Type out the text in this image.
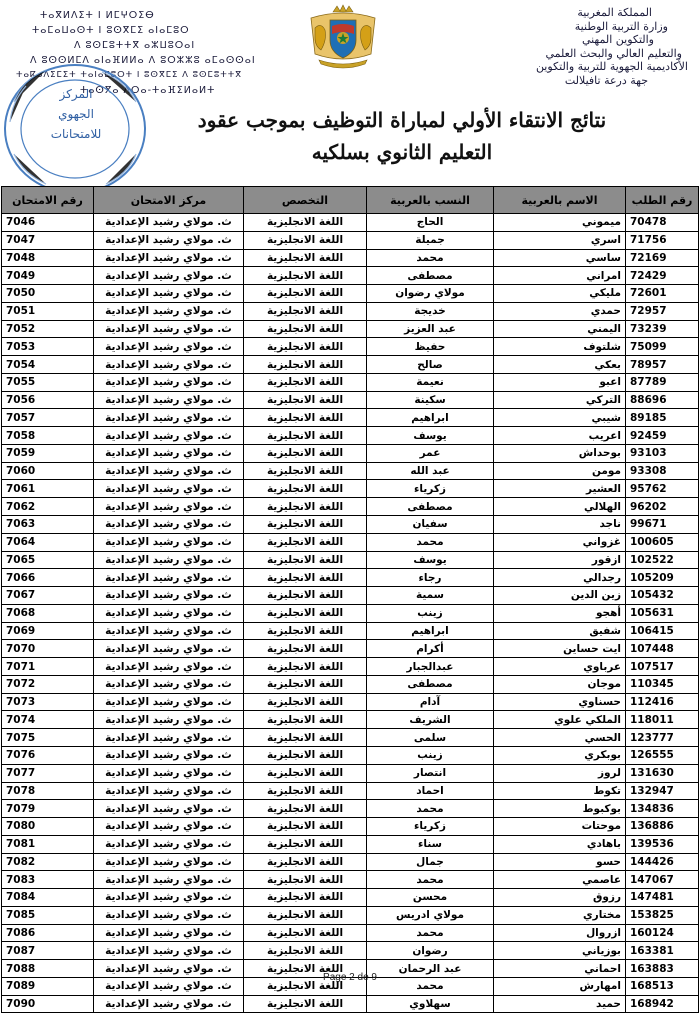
ⵜⴰⴳⵍⴷⵉⵜ ⵏ ⵍⵎⵖⵔⵉⴱ
ⵜⴰⵎⴰⵡⴰⵙⵜ ⵏ ⵓⵙⴳⵎⵉ ⴰⵏⴰⵎⵓⵔ
ⴷ ⵓⵙⵎⵓⵜⵜⴳ ⴰⵣⵡⵓⵔⴰⵏ
ⴷ ⵓⵙⵙⵍⵎⴷ ⴰⵏⴰⴼⵍⵍⴰ ⴷ ⵓⵔⵣⵣⵓ ⴰⵎⴰⵙⵙⴰⵏ
ⵜⴰⴽⴰⴷⵉⵎⵉⵜ ⵜⴰⵏⴰⵎⵓⵔⵜ ⵏ ⵓⵙⴳⵎⵉ ⴷ ⵓⵙⵎⵓⵜⵜⴳ
ⵜⴰⵙⴳⴰ ⴷⵔⴰ-ⵜⴰⴼⵉⵍⴰⵍⵜ
المملكة المغربية
وزارة التربية الوطنية
والتكوين المهني
والتعليم العالي والبحث العلمي
الأكاديمية الجهوية للتربية والتكوين
جهة درعة تافيلالت
المركز
الجهوي
للامتحانات
نتائج الانتقاء الأولي لمباراة التوظيف بموجب عقود
التعليم الثانوي بسلكيه
رقم الطلب	الاسم بالعربية	النسب بالعربية	التخصص	مركز الامتحان	رقم الامتحان
70478	ميموني	الحاج	اللغة الانجليزية	ث. مولاي رشيد الإعدادية	7046
71756	اسري	جميلة	اللغة الانجليزية	ث. مولاي رشيد الإعدادية	7047
72169	ساسي	محمد	اللغة الانجليزية	ث. مولاي رشيد الإعدادية	7048
72429	امراني	مصطفى	اللغة الانجليزية	ث. مولاي رشيد الإعدادية	7049
72601	مليكي	مولاي رضوان	اللغة الانجليزية	ث. مولاي رشيد الإعدادية	7050
72957	حمدي	خديجة	اللغة الانجليزية	ث. مولاي رشيد الإعدادية	7051
73239	اليمني	عبد العزيز	اللغة الانجليزية	ث. مولاي رشيد الإعدادية	7052
75099	شلتوف	حفيظ	اللغة الانجليزية	ث. مولاي رشيد الإعدادية	7053
78957	بعكي	صالح	اللغة الانجليزية	ث. مولاي رشيد الإعدادية	7054
87789	اعبو	نعيمة	اللغة الانجليزية	ث. مولاي رشيد الإعدادية	7055
88696	التركي	سكينة	اللغة الانجليزية	ث. مولاي رشيد الإعدادية	7056
89185	شيبي	ابراهيم	اللغة الانجليزية	ث. مولاي رشيد الإعدادية	7057
92459	اعريب	يوسف	اللغة الانجليزية	ث. مولاي رشيد الإعدادية	7058
93103	بوحداش	عمر	اللغة الانجليزية	ث. مولاي رشيد الإعدادية	7059
93308	مومن	عبد الله	اللغة الانجليزية	ث. مولاي رشيد الإعدادية	7060
95762	العشير	زكرياء	اللغة الانجليزية	ث. مولاي رشيد الإعدادية	7061
96202	الهلالي	مصطفى	اللغة الانجليزية	ث. مولاي رشيد الإعدادية	7062
99671	ناجد	سفيان	اللغة الانجليزية	ث. مولاي رشيد الإعدادية	7063
100605	غزواني	محمد	اللغة الانجليزية	ث. مولاي رشيد الإعدادية	7064
102522	ازقور	يوسف	اللغة الانجليزية	ث. مولاي رشيد الإعدادية	7065
105209	رجدالي	رجاء	اللغة الانجليزية	ث. مولاي رشيد الإعدادية	7066
105432	زين الدين	سمية	اللغة الانجليزية	ث. مولاي رشيد الإعدادية	7067
105631	أهجو	زينب	اللغة الانجليزية	ث. مولاي رشيد الإعدادية	7068
106415	شفيق	ابراهيم	اللغة الانجليزية	ث. مولاي رشيد الإعدادية	7069
107448	ايت حساين	أكرام	اللغة الانجليزية	ث. مولاي رشيد الإعدادية	7070
107517	عرباوي	عبدالجبار	اللغة الانجليزية	ث. مولاي رشيد الإعدادية	7071
110345	موجان	مصطفى	اللغة الانجليزية	ث. مولاي رشيد الإعدادية	7072
112416	حسناوي	آدام	اللغة الانجليزية	ث. مولاي رشيد الإعدادية	7073
118011	الملكي علوي	الشريف	اللغة الانجليزية	ث. مولاي رشيد الإعدادية	7074
123777	الحسي	سلمى	اللغة الانجليزية	ث. مولاي رشيد الإعدادية	7075
126555	بوبكري	زينب	اللغة الانجليزية	ث. مولاي رشيد الإعدادية	7076
131630	لروز	انتصار	اللغة الانجليزية	ث. مولاي رشيد الإعدادية	7077
132947	تكوط	احماد	اللغة الانجليزية	ث. مولاي رشيد الإعدادية	7078
134836	بوكبوط	محمد	اللغة الانجليزية	ث. مولاي رشيد الإعدادية	7079
136886	موحتات	زكرياء	اللغة الانجليزية	ث. مولاي رشيد الإعدادية	7080
139536	باهادي	سناء	اللغة الانجليزية	ث. مولاي رشيد الإعدادية	7081
144426	حسو	جمال	اللغة الانجليزية	ث. مولاي رشيد الإعدادية	7082
147067	عاصمي	محمد	اللغة الانجليزية	ث. مولاي رشيد الإعدادية	7083
147481	رزوق	محسن	اللغة الانجليزية	ث. مولاي رشيد الإعدادية	7084
153825	مختاري	مولاي ادريس	اللغة الانجليزية	ث. مولاي رشيد الإعدادية	7085
160124	ازروال	محمد	اللغة الانجليزية	ث. مولاي رشيد الإعدادية	7086
163381	بوزياني	رضوان	اللغة الانجليزية	ث. مولاي رشيد الإعدادية	7087
163883	احماني	عبد الرحمان	اللغة الانجليزية	ث. مولاي رشيد الإعدادية	7088
168513	امهارش	محمد	اللغة الانجليزية	ث. مولاي رشيد الإعدادية	7089
168942	حميد	سهلاوي	اللغة الانجليزية	ث. مولاي رشيد الإعدادية	7090
Page 2 de 9
